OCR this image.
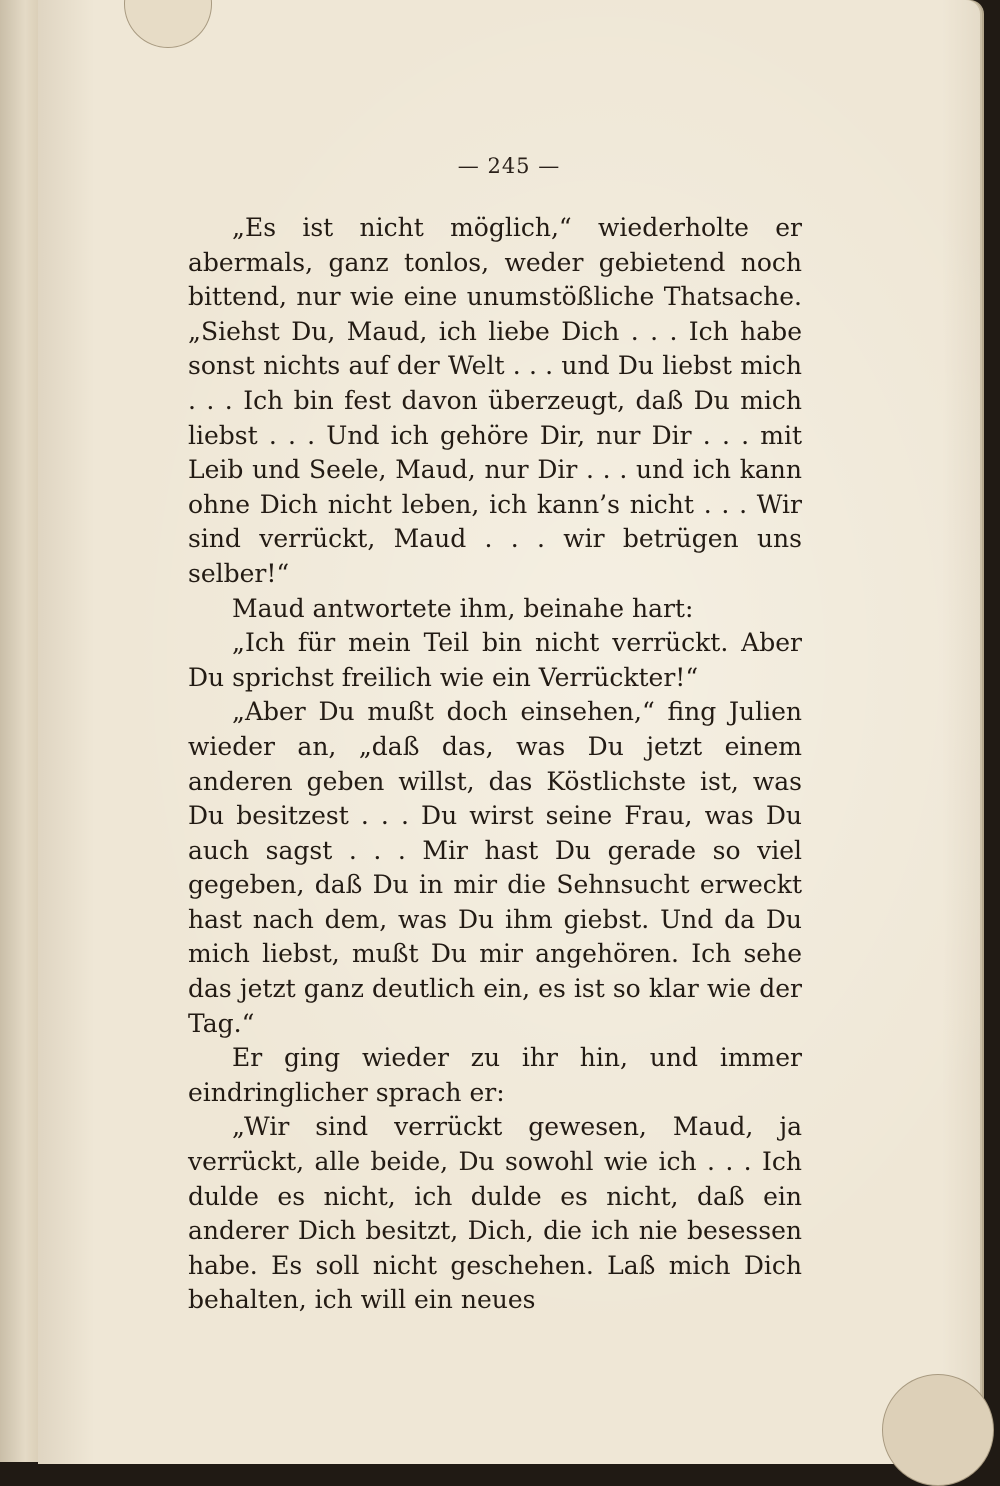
— 245 —

„Es ist nicht möglich,“ wiederholte er abermals, ganz tonlos, weder gebietend noch bittend, nur wie eine unumstößliche Thatsache. „Siehst Du, Maud, ich liebe Dich . . . Ich habe sonst nichts auf der Welt . . . und Du liebst mich . . . Ich bin fest davon überzeugt, daß Du mich liebst . . . Und ich gehöre Dir, nur Dir . . . mit Leib und Seele, Maud, nur Dir . . . und ich kann ohne Dich nicht leben, ich kann’s nicht . . . Wir sind verrückt, Maud . . . wir betrügen uns selber!“

Maud antwortete ihm, beinahe hart:

„Ich für mein Teil bin nicht verrückt. Aber Du sprichst freilich wie ein Verrückter!“

„Aber Du mußt doch einsehen,“ fing Julien wieder an, „daß das, was Du jetzt einem anderen geben willst, das Köstlichste ist, was Du besitzest . . . Du wirst seine Frau, was Du auch sagst . . . Mir hast Du gerade so viel gegeben, daß Du in mir die Sehnsucht erweckt hast nach dem, was Du ihm giebst. Und da Du mich liebst, mußt Du mir angehören. Ich sehe das jetzt ganz deutlich ein, es ist so klar wie der Tag.“

Er ging wieder zu ihr hin, und immer eindringlicher sprach er:

„Wir sind verrückt gewesen, Maud, ja verrückt, alle beide, Du sowohl wie ich . . . Ich dulde es nicht, ich dulde es nicht, daß ein anderer Dich besitzt, Dich, die ich nie besessen habe. Es soll nicht geschehen. Laß mich Dich behalten, ich will ein neues
